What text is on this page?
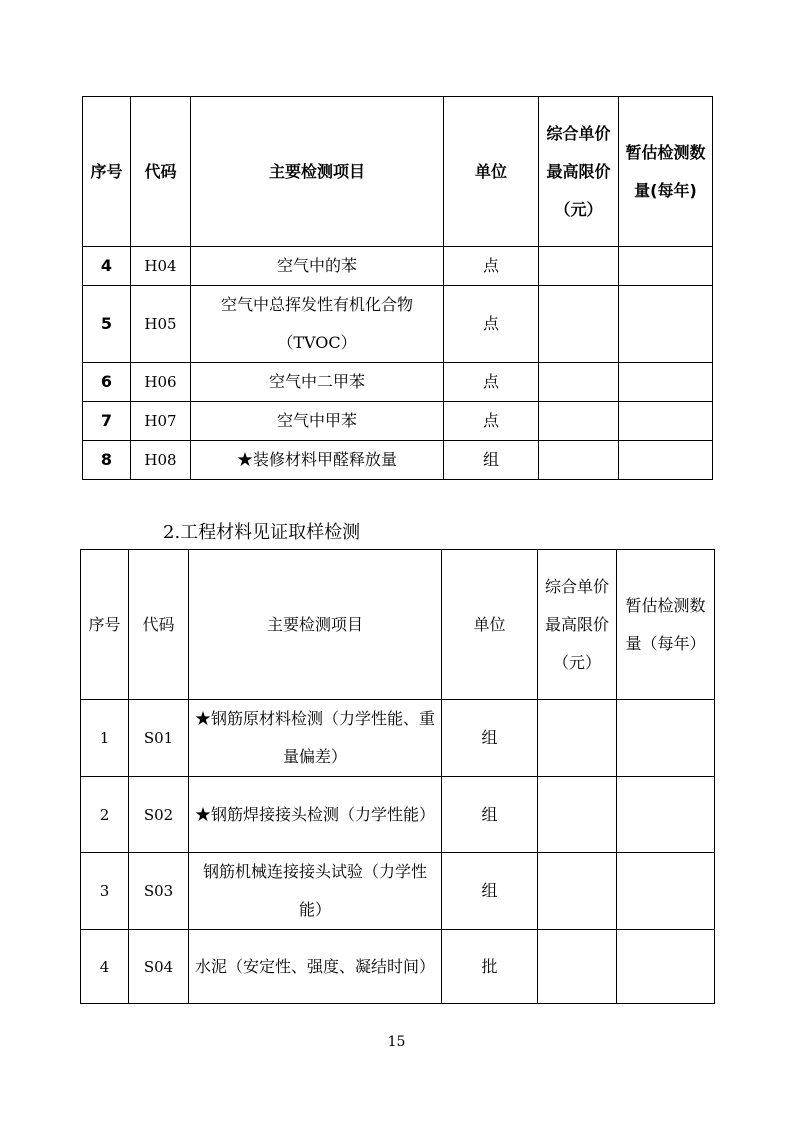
序号	代码	主要检测项目	单位	综合单价最高限价（元）	暂估检测数量(每年)
4	H04	空气中的苯	点		
5	H05	空气中总挥发性有机化合物（TVOC）	点		
6	H06	空气中二甲苯	点		
7	H07	空气中甲苯	点		
8	H08	★装修材料甲醛释放量	组		
2.工程材料见证取样检测
序号	代码	主要检测项目	单位	综合单价最高限价（元）	暂估检测数量（每年）
1	S01	★钢筋原材料检测（力学性能、重量偏差）	组		
2	S02	★钢筋焊接接头检测（力学性能）	组		
3	S03	钢筋机械连接接头试验（力学性能）	组		
4	S04	水泥（安定性、强度、凝结时间）	批		
15
